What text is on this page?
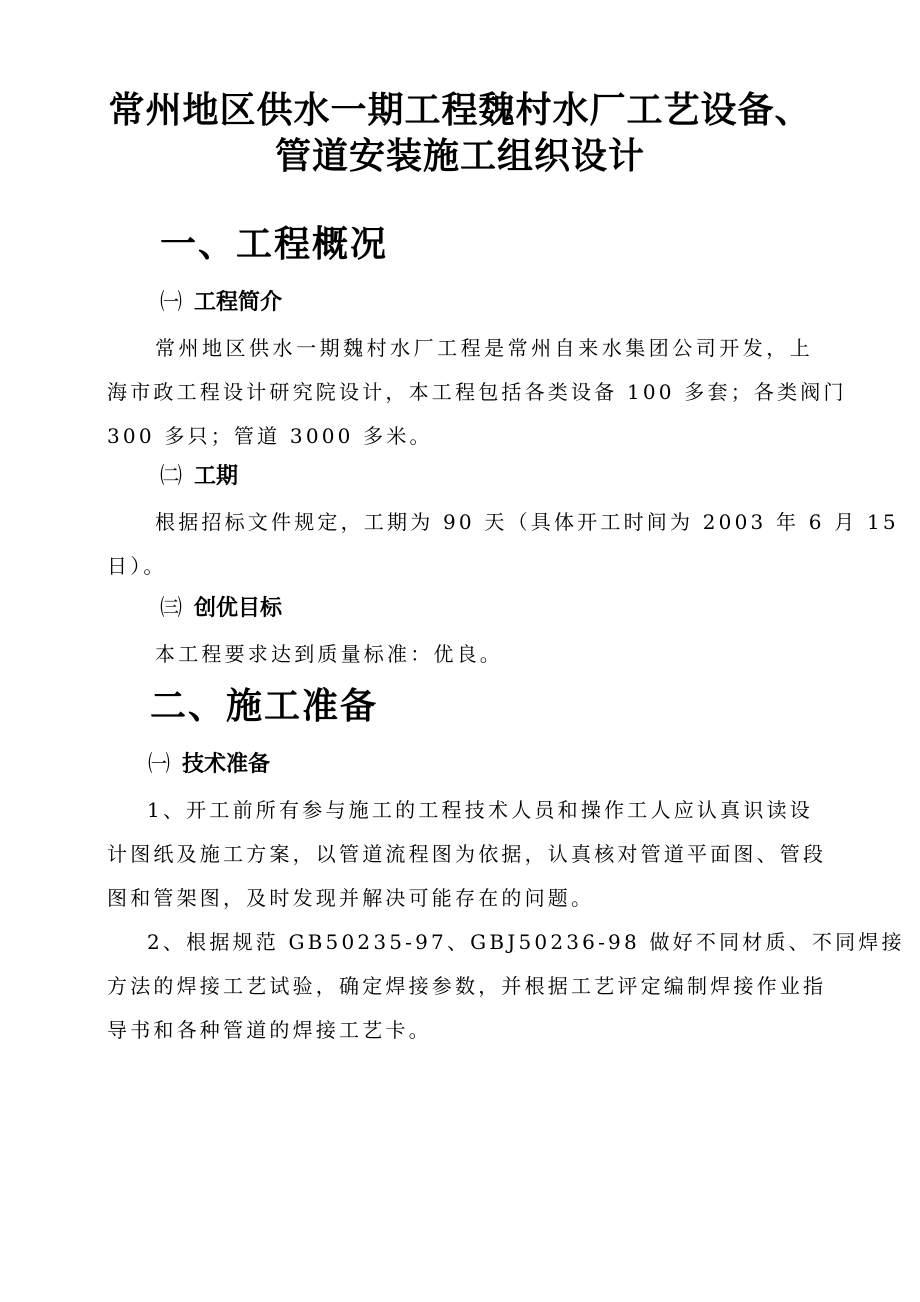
常州地区供水一期工程魏村水厂工艺设备、
管道安装施工组织设计
一、工程概况
㈠ 工程简介
常州地区供水一期魏村水厂工程是常州自来水集团公司开发，上
海市政工程设计研究院设计，本工程包括各类设备 100 多套；各类阀门
300 多只；管道 3000 多米。
㈡ 工期
根据招标文件规定，工期为 90 天（具体开工时间为 2003 年 6 月 15
日）。
㈢ 创优目标
本工程要求达到质量标准：优良。
二、施工准备
㈠ 技术准备
1、开工前所有参与施工的工程技术人员和操作工人应认真识读设
计图纸及施工方案，以管道流程图为依据，认真核对管道平面图、管段
图和管架图，及时发现并解决可能存在的问题。
2、根据规范 GB50235-97、GBJ50236-98 做好不同材质、不同焊接
方法的焊接工艺试验，确定焊接参数，并根据工艺评定编制焊接作业指
导书和各种管道的焊接工艺卡。
